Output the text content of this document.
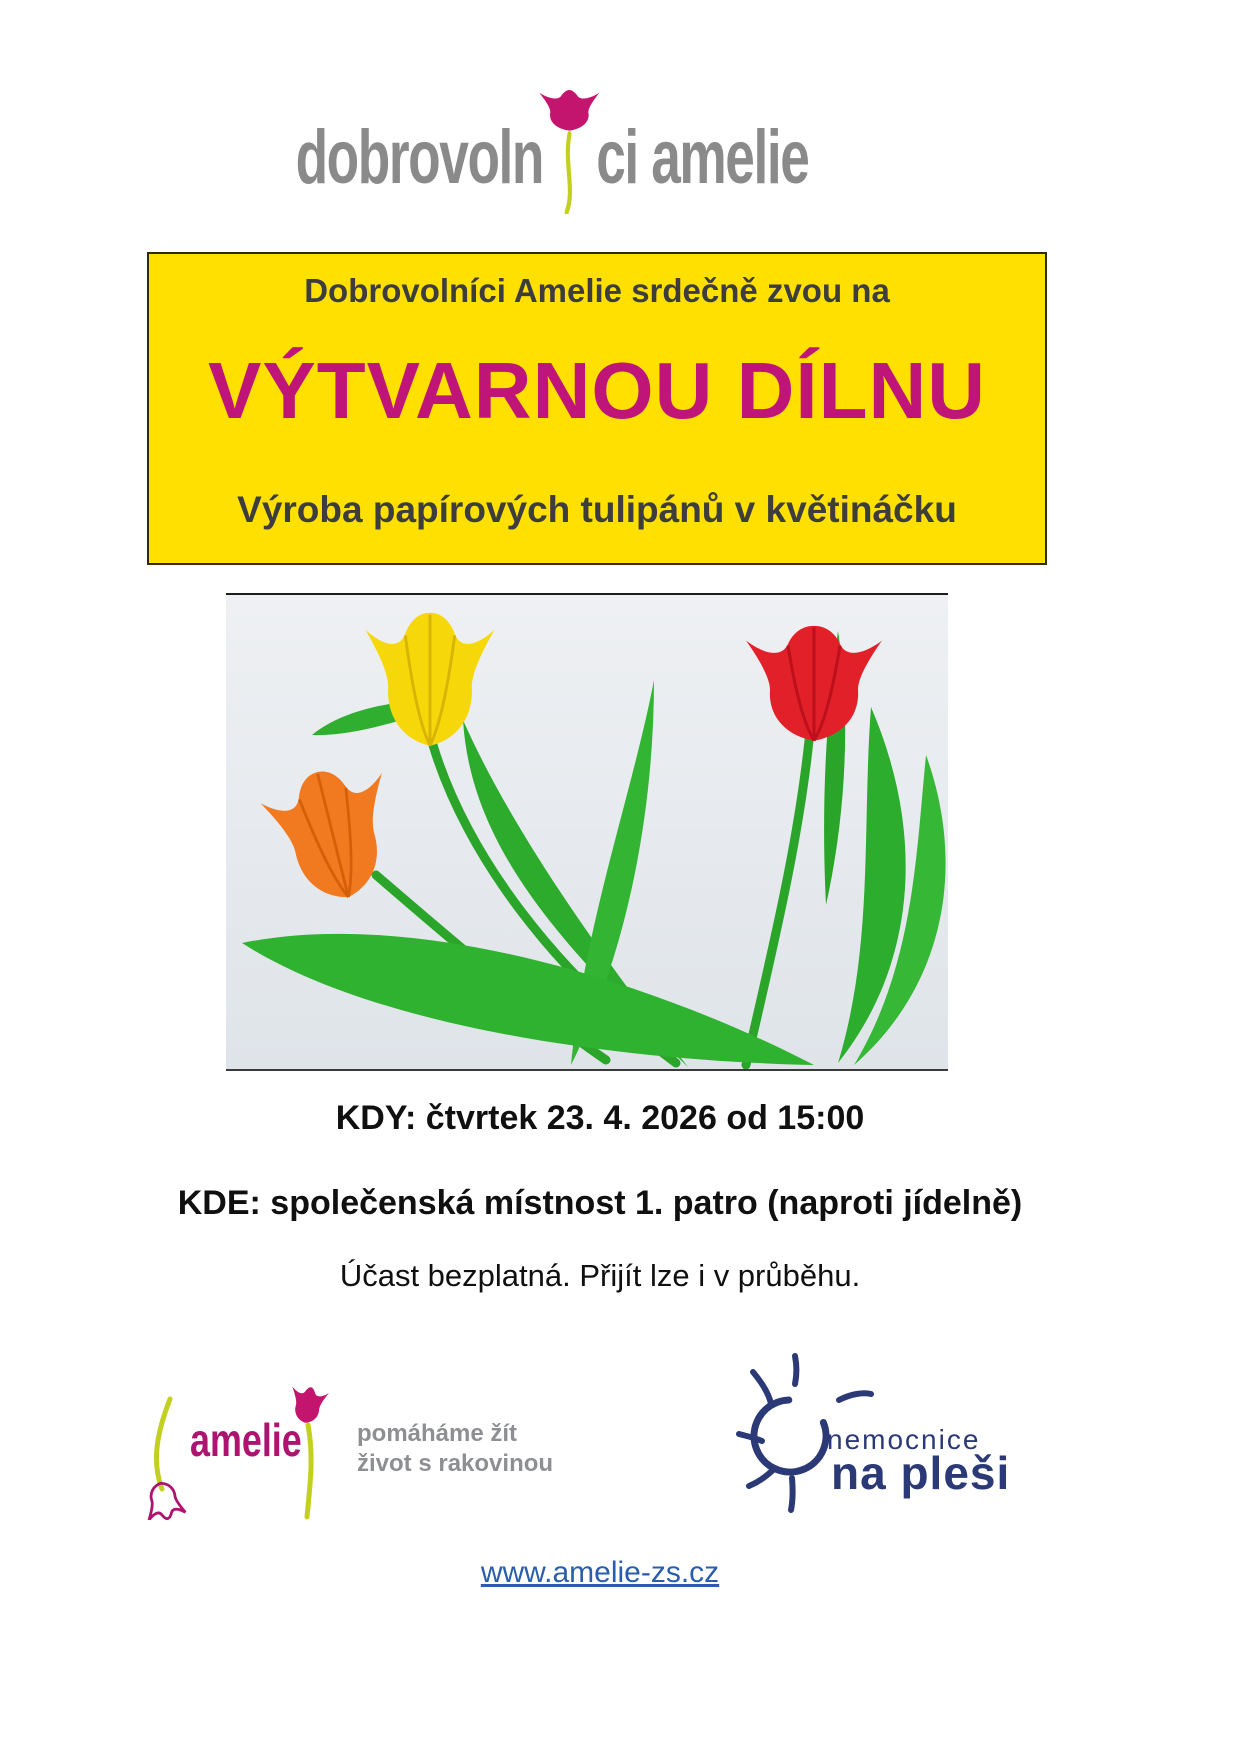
dobrovoln ci amelie
Dobrovolníci Amelie srdečně zvou na
VÝTVARNOU DÍLNU
Výroba papírových tulipánů v květináčku
KDY: čtvrtek 23. 4. 2026 od 15:00
KDE: společenská místnost 1. patro (naproti jídelně)
Účast bezplatná. Přijít lze i v průběhu.
amelie pomáháme žít
život s rakovinou
nemocnice
na pleši
www.amelie-zs.cz
